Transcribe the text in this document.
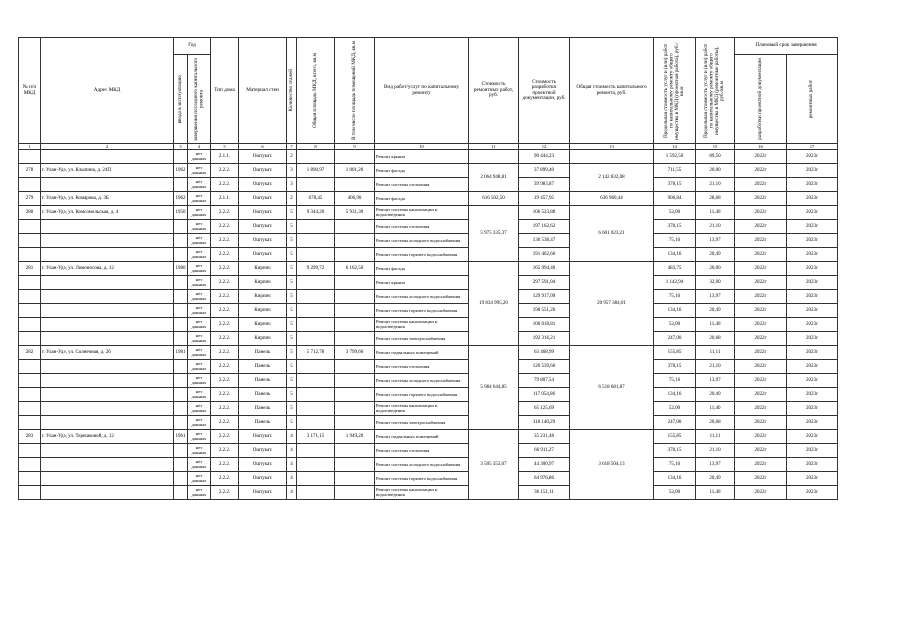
№ п/п МКД	Адрес МКД	Год		Тип дома	Материал стен	Количество этажей	Общая площадь МКД, всего, кв.м	В том числе площадь помещений МКД, кв.м	Вид работ/услуг по капитальному ремонту	Стоимость ремонтных работ, руб.	Стоимость разработки проектной документации, руб.	Общая стоимость капитального ремонта, руб.	Предельная стоимость услуг и (или) работ по капитальному ремонту общего имущества в МКД (проектная работа), руб./кв.м	Предельная стоимость услуг и (или) работ по капитальному ремонту общего имущества в МКД (ремонтные работы), руб./кв.м	Плановый срок завершения	

		ввода в эксплуатацию	завершения последнего капитального ремонта												разработки проектной документации	ремонтных работ

1	2	3	4	5	6	7	8	9	10	11	12	13	14	15	16	17
			нет данных	2.1.1.	Оштукат.	2			Ремонт крыши		90 444,23		1 592,50	89,50	2022г	2023г
278	г. Улан-Удэ, ул. Клыпина, д. 24П	1962	нет данных	2.2.2.	Оштукат.	3	1 890,97	1 001,20	Ремонт фасада	2 064 948,81	37 899,40	2 142 832,08	711,55	20,00	2022г	2023г
			нет данных	2.2.2.	Оштукат.	3			Ремонт системы отопления		39 983,87		378,15	21,10	2022г	2023г
279	г. Улан-Удэ, ул. Комарова, д. 3Б	1962	нет данных	2.1.1.	Оштукат.	2	678,45	406,90	Ремонт фасада	616 502,50	19 457,95	636 960,44	906,84	28,68	2022г	2023г
280	г. Улан-Удэ, ул. Комсомольская, д. 4	1950	нет данных	2.2.2.	Оштукат.	5	9 344,20	5 931,30	Ремонт системы канализации и водоотведения	5 975 335,37	106 523,88	6 601 023,21	52,00	11,40	2022г	2023г
			нет данных	2.2.2.	Оштукат.	5			Ремонт системы отопления		197 162,62		378,15	21,10	2022г	2023г
			нет данных	2.2.2.	Оштукат.	5			Ремонт системы холодного водоснабжения		130 538,47		75,16	13,97	2022г	2023г
			нет данных	2.2.2.	Оштукат.	5			Ремонт системы горячего водоснабжения		191 462,66		134,16	20,49	2022г	2023г
281	г. Улан-Удэ, ул. Ломоносова, д. 12	1980	нет данных	2.2.2.	Кирпич	5	9 299,72	6 162,50	Ремонт фасада	19 834 995,20	165 994,40	20 957 384,01	483,75	20,00	2022г	2023г
			нет данных	2.2.2.	Кирпич	5			Ремонт крыши		297 591,04		1 142,94	32,00	2022г	2023г
			нет данных	2.2.2.	Кирпич	5			Ремонт системы холодного водоснабжения		129 917,09		75,16	13,97	2022г	2023г
			нет данных	2.2.2.	Кирпич	5			Ремонт системы горячего водоснабжения		190 551,26		134,16	20,49	2022г	2023г
			нет данных	2.2.2.	Кирпич	5			Ремонт системы канализации и водоотведения		106 018,81		52,00	11,40	2022г	2023г
			нет данных	2.2.2.	Кирпич	5			Ремонт системы электроснабжения		192 316,21		247,00	20,68	2022г	2023г
282	г. Улан-Удэ, ул. Солнечная, д. 26	1981	нет данных	2.2.2.	Панель	5	5 712,78	3 799,60	Ремонт подвальных помещений	5 984 644,85	63 468,99	6 518 681,87	155,85	11,11	2022г	2023г
			нет данных	2.2.2.	Панель	5			Ремонт системы отопления		120 539,66		378,15	21,10	2022г	2023г
			нет данных	2.2.2.	Панель	5			Ремонт системы холодного водоснабжения		79 807,54		75,16	13,97	2022г	2023г
			нет данных	2.2.2.	Панель	5			Ремонт системы горячего водоснабжения		117 054,86		134,16	20,49	2022г	2023г
			нет данных	2.2.2.	Панель	5			Ремонт системы канализации и водоотведения		65 125,69		52,00	11,40	2022г	2023г
			нет данных	2.2.2.	Панель	5			Ремонт системы электроснабжения		118 140,29		247,00	20,68	2022г	2023г
283	г. Улан-Удэ, ул. Терешковой, д. 12	1961	нет данных	2.2.2.	Оштукат.	4	3 171,15	1 949,20	Ремонт подвальных помещений	3 505 353,07	35 231,48	3 618 504,13	155,85	11,11	2022г	2023г
			нет данных	2.2.2.	Оштукат.	4			Ремонт системы отопления		66 911,27		378,15	21,10	2022г	2023г
			нет данных	2.2.2.	Оштукат.	4			Ремонт системы холодного водоснабжения		44 300,97		75,16	13,97	2022г	2023г
			нет данных	2.2.2.	Оштукат.	4			Ремонт системы горячего водоснабжения		64 976,86		134,16	20,49	2022г	2023г
			нет данных	2.2.2.	Оштукат.	4			Ремонт системы канализации и водоотведения		36 151,11		52,00	11,40	2022г	2023г
